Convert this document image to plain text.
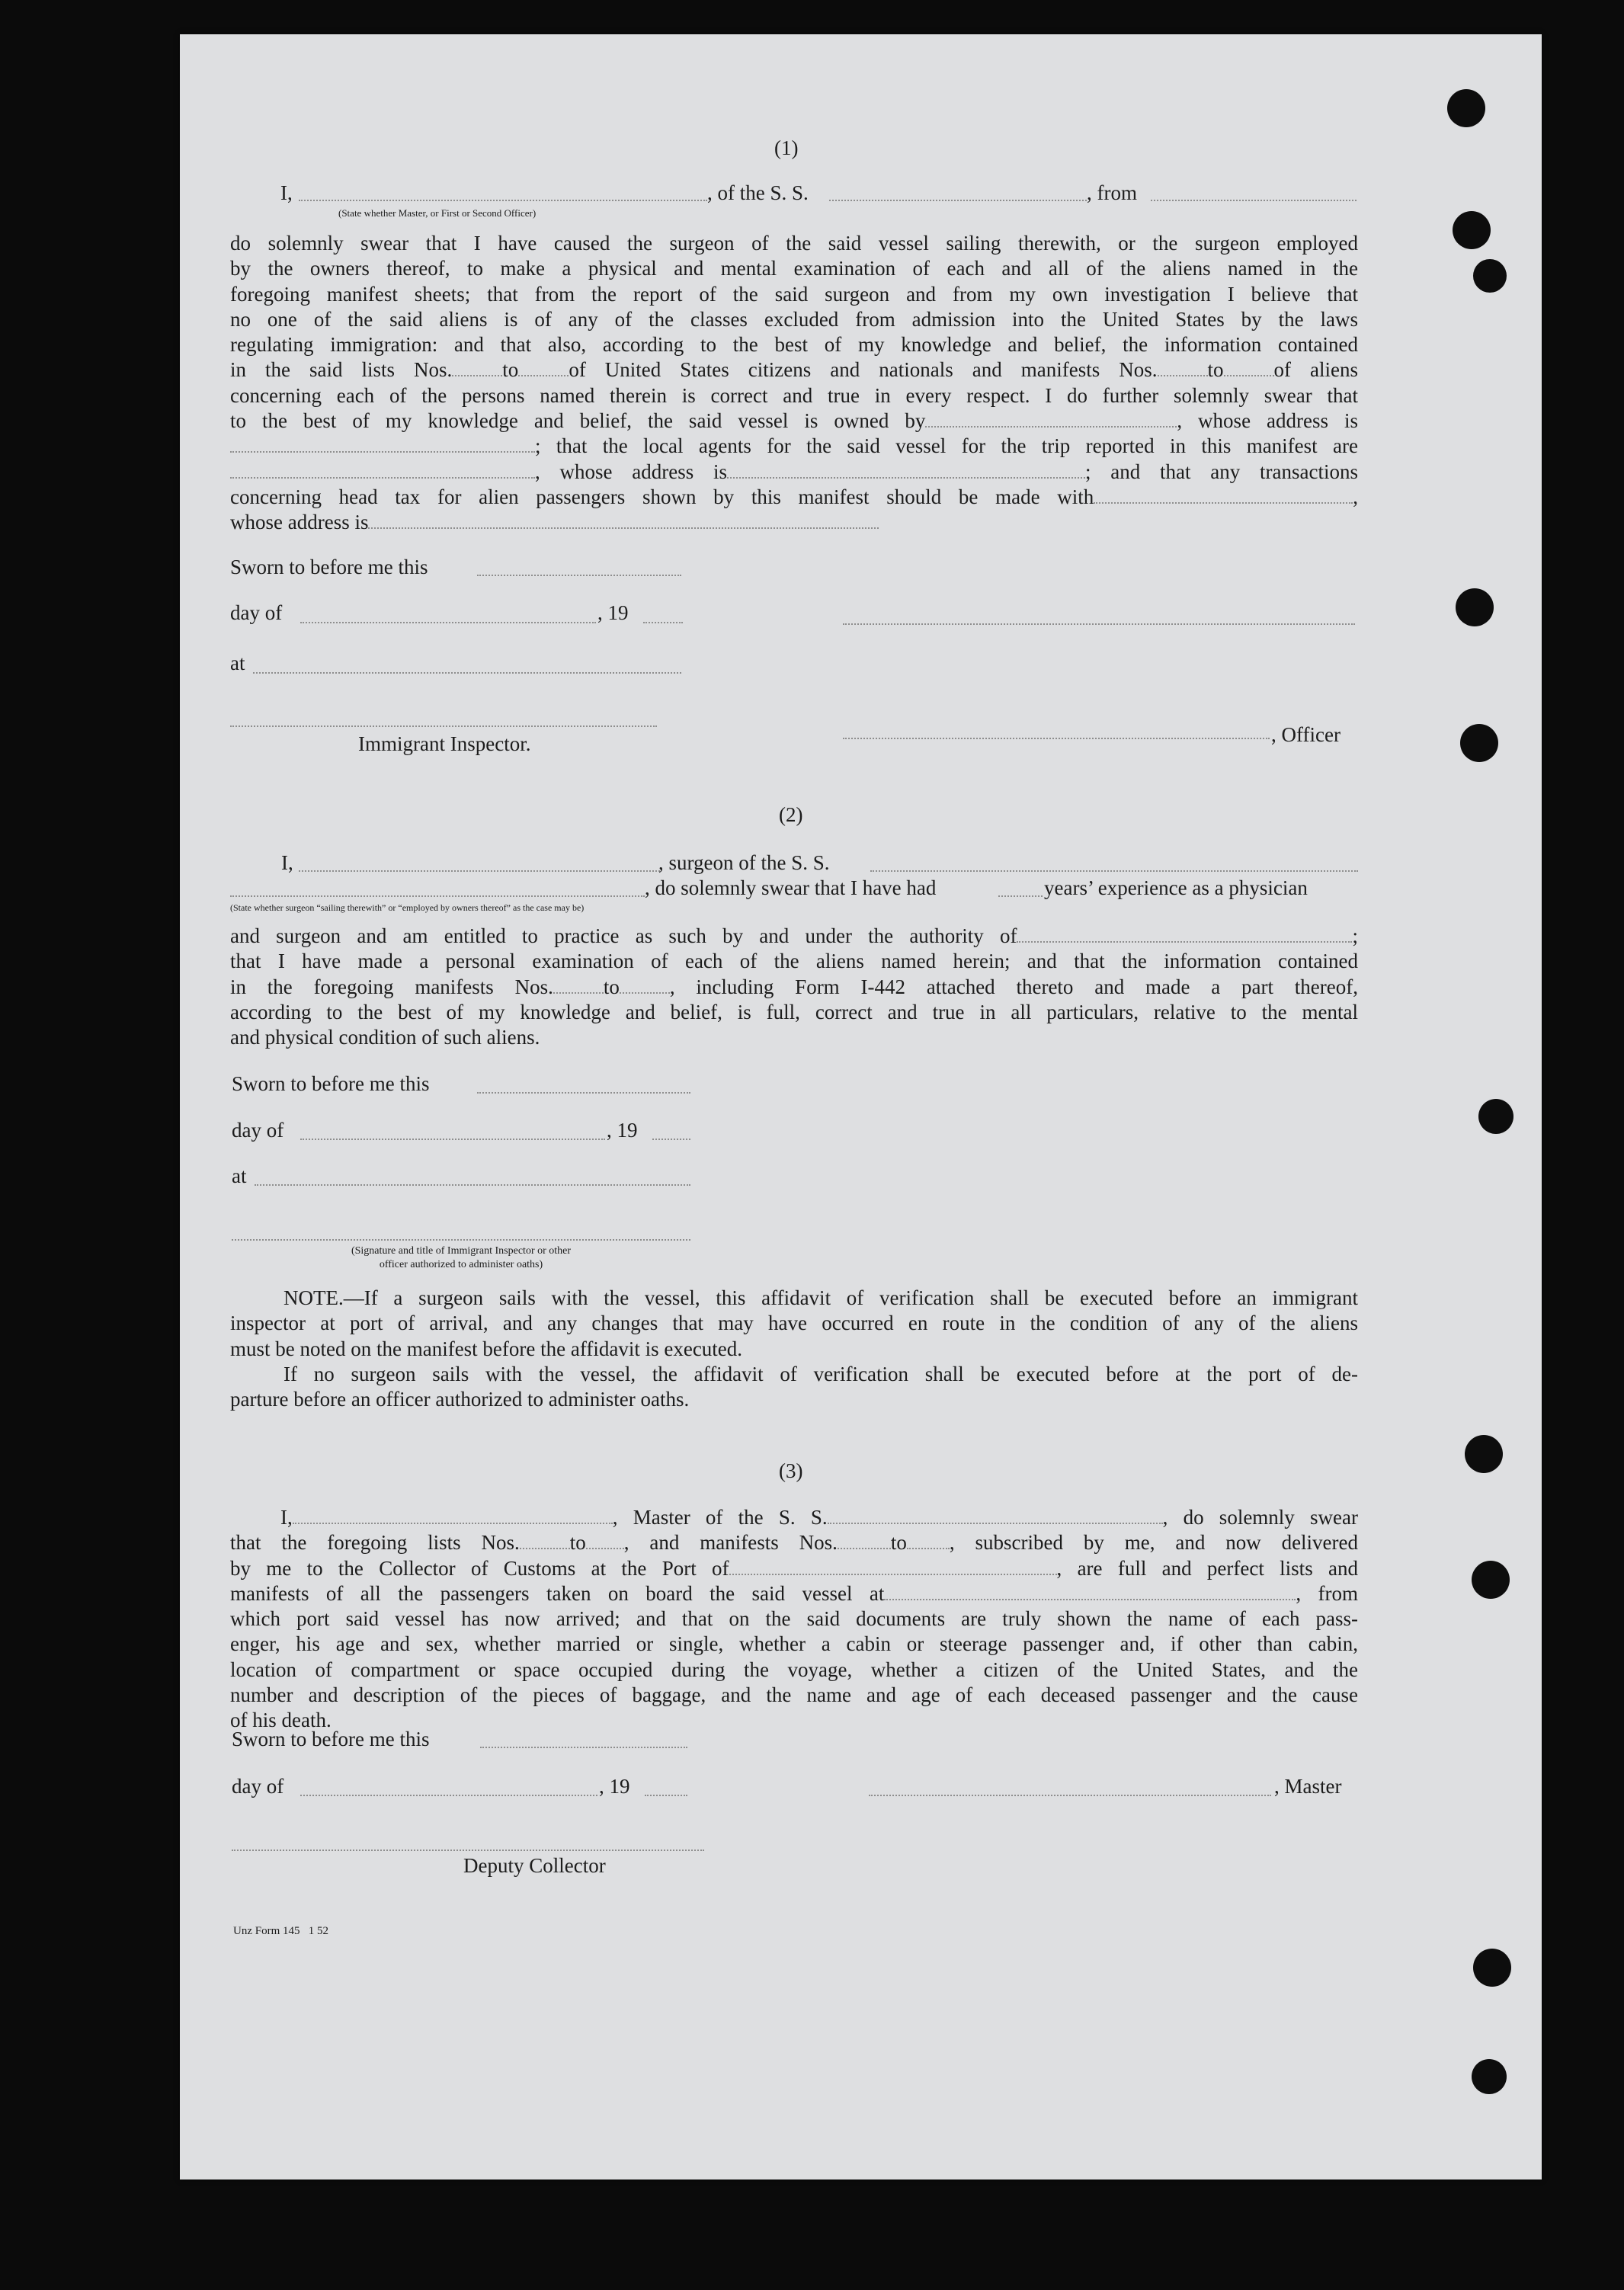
(1)
I,	, of the S. S.	, from
(State whether Master, or First or Second Officer)
do solemnly swear that I have caused the surgeon of the said vessel sailing therewith, or the surgeon employed
by the owners thereof, to make a physical and mental examination of each and all of the aliens named in the
foregoing manifest sheets; that from the report of the said surgeon and from my own investigation I believe that
no one of the said aliens is of any of the classes excluded from admission into the United States by the laws
regulating immigration: and that also, according to the best of my knowledge and belief, the information contained
in the said lists Nos. to of United States citizens and nationals and manifests Nos. to of aliens
concerning each of the persons named therein is correct and true in every respect. I do further solemnly swear that
to the best of my knowledge and belief, the said vessel is owned by	, whose address is
; that the local agents for the said vessel for the trip reported in this manifest are
, whose address is	; and that any transactions
concerning head tax for alien passengers shown by this manifest should be made with	,
whose address is
Sworn to before me this
day of	, 19
at
, Officer
Immigrant Inspector.
(2)
I,	, surgeon of the S. S.
, do solemnly swear that I have had	years’ experience as a physician
(State whether surgeon “sailing therewith” or “employed by owners thereof” as the case may be)
and surgeon and am entitled to practice as such by and under the authority of	;
that I have made a personal examination of each of the aliens named herein; and that the information contained
in the foregoing manifests Nos. to , including Form I-442 attached thereto and made a part thereof,
according to the best of my knowledge and belief, is full, correct and true in all particulars, relative to the mental
and physical condition of such aliens.
Sworn to before me this
day of	, 19
at
(Signature and title of Immigrant Inspector or other
officer authorized to administer oaths)
NOTE.—If a surgeon sails with the vessel, this affidavit of verification shall be executed before an immigrant
inspector at port of arrival, and any changes that may have occurred en route in the condition of any of the aliens
must be noted on the manifest before the affidavit is executed.
If no surgeon sails with the vessel, the affidavit of verification shall be executed before at the port of de-
parture before an officer authorized to administer oaths.
(3)
I,	, Master of the S. S.	, do solemnly swear
that the foregoing lists Nos. to , and manifests Nos.	to , subscribed by me, and now delivered
by me to the Collector of Customs at the Port of	, are full and perfect lists and
manifests of all the passengers taken on board the said vessel at	, from
which port said vessel has now arrived; and that on the said documents are truly shown the name of each pass-
enger, his age and sex, whether married or single, whether a cabin or steerage passenger and, if other than cabin,
location of compartment or space occupied during the voyage, whether a citizen of the United States, and the
number and description of the pieces of baggage, and the name and age of each deceased passenger and the cause
of his death.
Sworn to before me this
day of	, 19	, Master
Deputy Collector
Unz Form 145   1 52
